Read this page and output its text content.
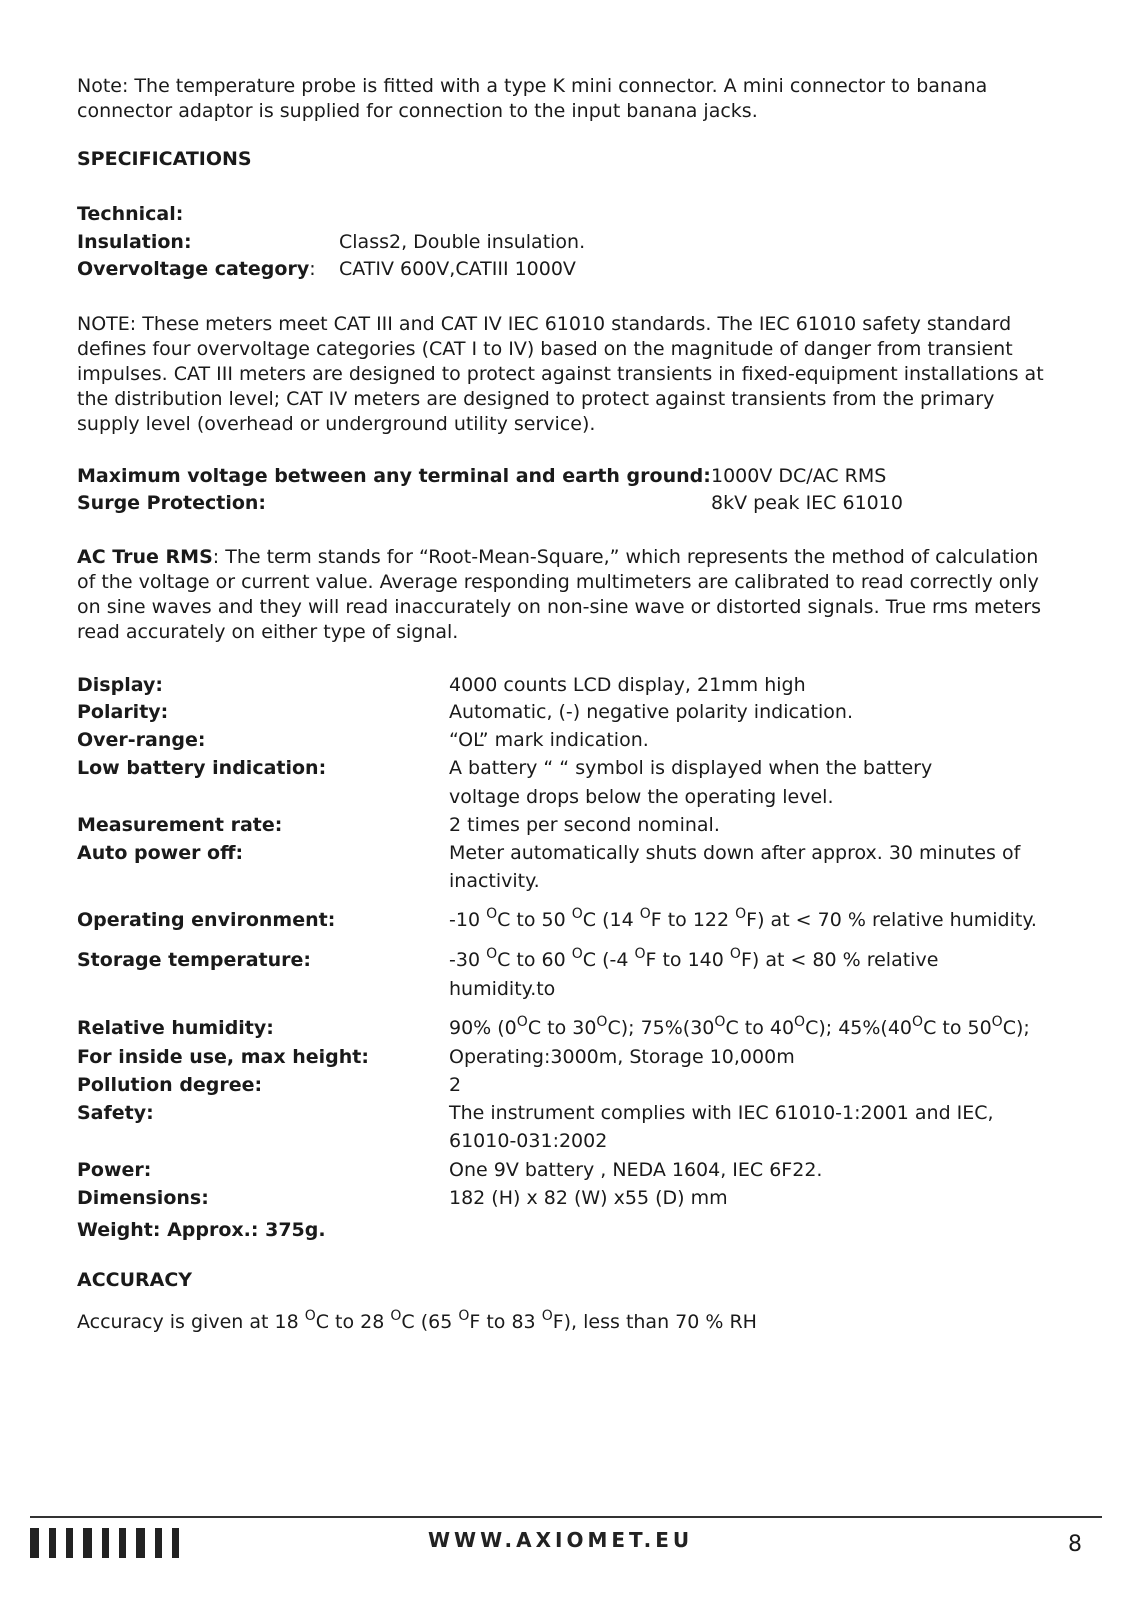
Note: The temperature probe is fitted with a type K mini connector. A mini connector to banana connector adaptor is supplied for connection to the input banana jacks.
SPECIFICATIONS
Technical:
Insulation:	Class2, Double insulation.
Overvoltage category: CATIV 600V,CATIII 1000V
NOTE: These meters meet CAT III and CAT IV IEC 61010 standards. The IEC 61010 safety standard defines four overvoltage categories (CAT I to IV) based on the magnitude of danger from transient impulses. CAT III meters are designed to protect against transients in fixed-equipment installations at the distribution level; CAT IV meters are designed to protect against transients from the primary supply level (overhead or underground utility service).
Maximum voltage between any terminal and earth ground: 1000V DC/AC RMS
Surge Protection:	8kV peak IEC 61010
AC True RMS: The term stands for “Root-Mean-Square,” which represents the method of calculation of the voltage or current value. Average responding multimeters are calibrated to read correctly only on sine waves and they will read inaccurately on non-sine wave or distorted signals. True rms meters read accurately on either type of signal.
Display:	4000 counts LCD display, 21mm high
Polarity:	Automatic, (-) negative polarity indication.
Over-range:	“OL” mark indication.
Low battery indication:	A battery “ “ symbol is displayed when the battery
voltage drops below the operating level.
Measurement rate:	2 times per second nominal.
Auto power off:	Meter automatically shuts down after approx. 30 minutes of
inactivity.
Operating environment:	-10 $^O$C to 50 $^O$C (14 $^O$F to 122 $^O$F) at < 70 % relative humidity.
Storage temperature:	-30 $^O$C to 60 $^O$C (-4 $^O$F to 140 $^O$F) at < 80 % relative
humidity.to
Relative humidity:	90% ($0^OC$ to $30^OC$); $75\%(30^OC$ to $40^OC$); $45\%(40^OC$ to $50^OC$);
For inside use, max height:	Operating:3000m, Storage 10,000m
Pollution degree:	2
Safety:	The instrument complies with IEC 61010-1:2001 and IEC,
61010-031:2002
Power:	One 9V battery , NEDA 1604, IEC 6F22.
Dimensions:	182 (H) x 82 (W) x55 (D) mm
Weight: Approx.: 375g.
ACCURACY
Accuracy is given at 18 $^O$C to 28 $^O$C (65 $^O$F to 83 $^O$F), less than 70 % RH
WWW.AXIOMET.EU	8
